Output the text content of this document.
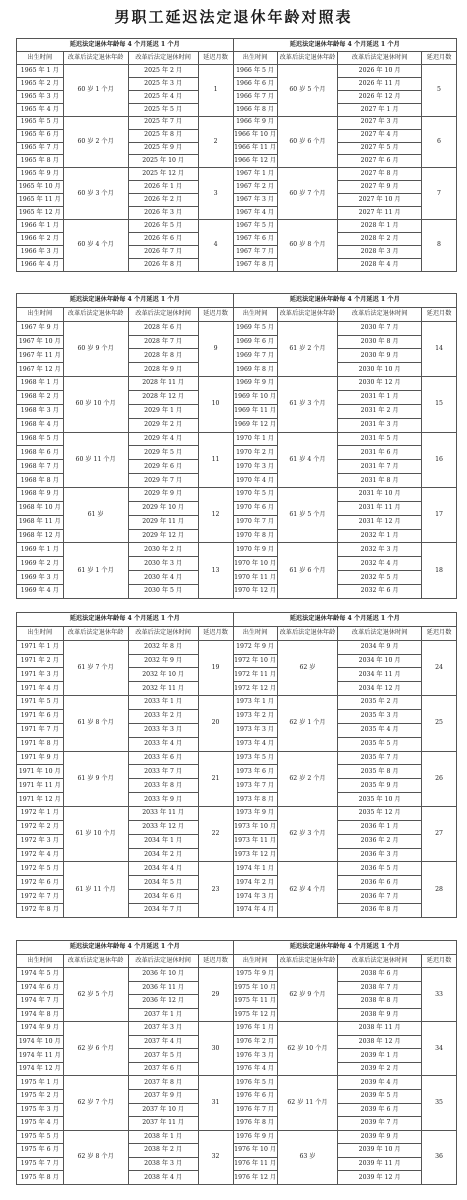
男职工延迟法定退休年龄对照表
延迟法定退休年龄每 4 个月延迟 1 个月				延迟法定退休年龄每 4 个月延迟 1 个月			
出生时间	改革后法定退休年龄	改革后法定退休时间	延迟月数	出生时间	改革后法定退休年龄	改革后法定退休时间	延迟月数
1965 年 1 月	60 岁 1 个月	2025 年 2 月	1	1966 年 5 月	60 岁 5 个月	2026 年 10 月	5
1965 年 2 月		2025 年 3 月		1966 年 6 月		2026 年 11 月	
1965 年 3 月		2025 年 4 月		1966 年 7 月		2026 年 12 月	
1965 年 4 月		2025 年 5 月		1966 年 8 月		2027 年 1 月	
1965 年 5 月	60 岁 2 个月	2025 年 7 月	2	1966 年 9 月	60 岁 6 个月	2027 年 3 月	6
1965 年 6 月		2025 年 8 月		1966 年 10 月		2027 年 4 月	
1965 年 7 月		2025 年 9 月		1966 年 11 月		2027 年 5 月	
1965 年 8 月		2025 年 10 月		1966 年 12 月		2027 年 6 月	
1965 年 9 月	60 岁 3 个月	2025 年 12 月	3	1967 年 1 月	60 岁 7 个月	2027 年 8 月	7
1965 年 10 月		2026 年 1 月		1967 年 2 月		2027 年 9 月	
1965 年 11 月		2026 年 2 月		1967 年 3 月		2027 年 10 月	
1965 年 12 月		2026 年 3 月		1967 年 4 月		2027 年 11 月	
1966 年 1 月	60 岁 4 个月	2026 年 5 月	4	1967 年 5 月	60 岁 8 个月	2028 年 1 月	8
1966 年 2 月		2026 年 6 月		1967 年 6 月		2028 年 2 月	
1966 年 3 月		2026 年 7 月		1967 年 7 月		2028 年 3 月	
1966 年 4 月		2026 年 8 月		1967 年 8 月		2028 年 4 月	
延迟法定退休年龄每 4 个月延迟 1 个月				延迟法定退休年龄每 4 个月延迟 1 个月			
出生时间	改革后法定退休年龄	改革后法定退休时间	延迟月数	出生时间	改革后法定退休年龄	改革后法定退休时间	延迟月数
1967 年 9 月	60 岁 9 个月	2028 年 6 月	9	1969 年 5 月	61 岁 2 个月	2030 年 7 月	14
1967 年 10 月		2028 年 7 月		1969 年 6 月		2030 年 8 月	
1967 年 11 月		2028 年 8 月		1969 年 7 月		2030 年 9 月	
1967 年 12 月		2028 年 9 月		1969 年 8 月		2030 年 10 月	
1968 年 1 月	60 岁 10 个月	2028 年 11 月	10	1969 年 9 月	61 岁 3 个月	2030 年 12 月	15
1968 年 2 月		2028 年 12 月		1969 年 10 月		2031 年 1 月	
1968 年 3 月		2029 年 1 月		1969 年 11 月		2031 年 2 月	
1968 年 4 月		2029 年 2 月		1969 年 12 月		2031 年 3 月	
1968 年 5 月	60 岁 11 个月	2029 年 4 月	11	1970 年 1 月	61 岁 4 个月	2031 年 5 月	16
1968 年 6 月		2029 年 5 月		1970 年 2 月		2031 年 6 月	
1968 年 7 月		2029 年 6 月		1970 年 3 月		2031 年 7 月	
1968 年 8 月		2029 年 7 月		1970 年 4 月		2031 年 8 月	
1968 年 9 月	61 岁	2029 年 9 月	12	1970 年 5 月	61 岁 5 个月	2031 年 10 月	17
1968 年 10 月		2029 年 10 月		1970 年 6 月		2031 年 11 月	
1968 年 11 月		2029 年 11 月		1970 年 7 月		2031 年 12 月	
1968 年 12 月		2029 年 12 月		1970 年 8 月		2032 年 1 月	
1969 年 1 月	61 岁 1 个月	2030 年 2 月	13	1970 年 9 月	61 岁 6 个月	2032 年 3 月	18
1969 年 2 月		2030 年 3 月		1970 年 10 月		2032 年 4 月	
1969 年 3 月		2030 年 4 月		1970 年 11 月		2032 年 5 月	
1969 年 4 月		2030 年 5 月		1970 年 12 月		2032 年 6 月	
延迟法定退休年龄每 4 个月延迟 1 个月				延迟法定退休年龄每 4 个月延迟 1 个月			
出生时间	改革后法定退休年龄	改革后法定退休时间	延迟月数	出生时间	改革后法定退休年龄	改革后法定退休时间	延迟月数
1971 年 1 月	61 岁 7 个月	2032 年 8 月	19	1972 年 9 月	62 岁	2034 年 9 月	24
1971 年 2 月		2032 年 9 月		1972 年 10 月		2034 年 10 月	
1971 年 3 月		2032 年 10 月		1972 年 11 月		2034 年 11 月	
1971 年 4 月		2032 年 11 月		1972 年 12 月		2034 年 12 月	
1971 年 5 月	61 岁 8 个月	2033 年 1 月	20	1973 年 1 月	62 岁 1 个月	2035 年 2 月	25
1971 年 6 月		2033 年 2 月		1973 年 2 月		2035 年 3 月	
1971 年 7 月		2033 年 3 月		1973 年 3 月		2035 年 4 月	
1971 年 8 月		2033 年 4 月		1973 年 4 月		2035 年 5 月	
1971 年 9 月	61 岁 9 个月	2033 年 6 月	21	1973 年 5 月	62 岁 2 个月	2035 年 7 月	26
1971 年 10 月		2033 年 7 月		1973 年 6 月		2035 年 8 月	
1971 年 11 月		2033 年 8 月		1973 年 7 月		2035 年 9 月	
1971 年 12 月		2033 年 9 月		1973 年 8 月		2035 年 10 月	
1972 年 1 月	61 岁 10 个月	2033 年 11 月	22	1973 年 9 月	62 岁 3 个月	2035 年 12 月	27
1972 年 2 月		2033 年 12 月		1973 年 10 月		2036 年 1 月	
1972 年 3 月		2034 年 1 月		1973 年 11 月		2036 年 2 月	
1972 年 4 月		2034 年 2 月		1973 年 12 月		2036 年 3 月	
1972 年 5 月	61 岁 11 个月	2034 年 4 月	23	1974 年 1 月	62 岁 4 个月	2036 年 5 月	28
1972 年 6 月		2034 年 5 月		1974 年 2 月		2036 年 6 月	
1972 年 7 月		2034 年 6 月		1974 年 3 月		2036 年 7 月	
1972 年 8 月		2034 年 7 月		1974 年 4 月		2036 年 8 月	
延迟法定退休年龄每 4 个月延迟 1 个月				延迟法定退休年龄每 4 个月延迟 1 个月			
出生时间	改革后法定退休年龄	改革后法定退休时间	延迟月数	出生时间	改革后法定退休年龄	改革后法定退休时间	延迟月数
1974 年 5 月	62 岁 5 个月	2036 年 10 月	29	1975 年 9 月	62 岁 9 个月	2038 年 6 月	33
1974 年 6 月		2036 年 11 月		1975 年 10 月		2038 年 7 月	
1974 年 7 月		2036 年 12 月		1975 年 11 月		2038 年 8 月	
1974 年 8 月		2037 年 1 月		1975 年 12 月		2038 年 9 月	
1974 年 9 月	62 岁 6 个月	2037 年 3 月	30	1976 年 1 月	62 岁 10 个月	2038 年 11 月	34
1974 年 10 月		2037 年 4 月		1976 年 2 月		2038 年 12 月	
1974 年 11 月		2037 年 5 月		1976 年 3 月		2039 年 1 月	
1974 年 12 月		2037 年 6 月		1976 年 4 月		2039 年 2 月	
1975 年 1 月	62 岁 7 个月	2037 年 8 月	31	1976 年 5 月	62 岁 11 个月	2039 年 4 月	35
1975 年 2 月		2037 年 9 月		1976 年 6 月		2039 年 5 月	
1975 年 3 月		2037 年 10 月		1976 年 7 月		2039 年 6 月	
1975 年 4 月		2037 年 11 月		1976 年 8 月		2039 年 7 月	
1975 年 5 月	62 岁 8 个月	2038 年 1 月	32	1976 年 9 月	63 岁	2039 年 9 月	36
1975 年 6 月		2038 年 2 月		1976 年 10 月		2039 年 10 月	
1975 年 7 月		2038 年 3 月		1976 年 11 月		2039 年 11 月	
1975 年 8 月		2038 年 4 月		1976 年 12 月		2039 年 12 月	
